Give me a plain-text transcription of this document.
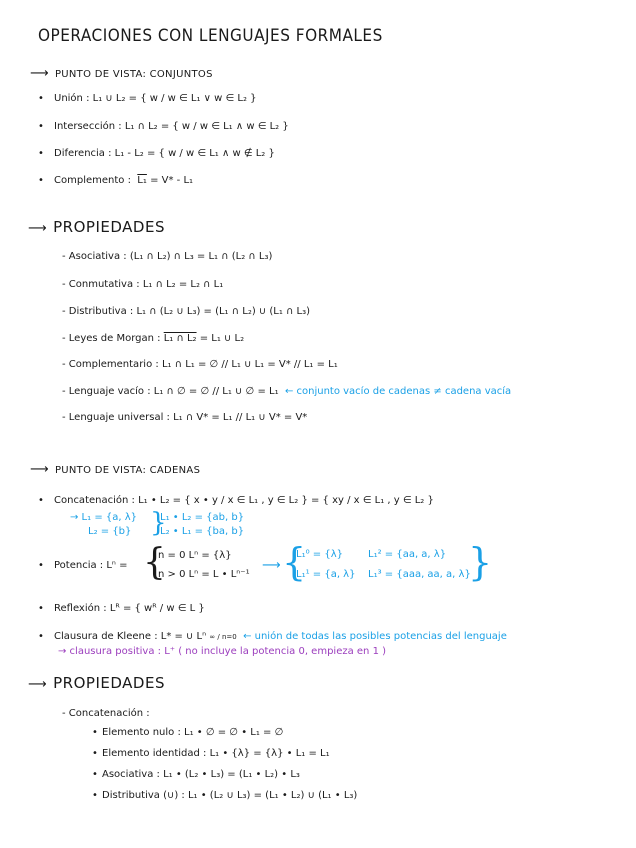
OPERACIONES CON LENGUAJES FORMALES
⟶ PUNTO DE VISTA: CONJUNTOS
• Unión : L₁ ∪ L₂ = { w / w ∈ L₁ ∨ w ∈ L₂ }
• Intersección : L₁ ∩ L₂ = { w / w ∈ L₁ ∧ w ∈ L₂ }
• Diferencia : L₁ - L₂ = { w / w ∈ L₁ ∧ w ∉ L₂ }
• Complemento :  L₁ = V* - L₁
⟶ PROPIEDADES
- Asociativa : (L₁ ∩ L₂) ∩ L₃ = L₁ ∩ (L₂ ∩ L₃)
- Conmutativa : L₁ ∩ L₂ = L₂ ∩ L₁
- Distributiva : L₁ ∩ (L₂ ∪ L₃) = (L₁ ∩ L₂) ∪ (L₁ ∩ L₃)
- Leyes de Morgan : L₁ ∩ L₂ = L₁ ∪ L₂
- Complementario : L₁ ∩ L₁ = ∅ // L₁ ∪ L₁ = V* // L₁ = L₁
- Lenguaje vacío : L₁ ∩ ∅ = ∅ // L₁ ∪ ∅ = L₁ ← conjunto vacío de cadenas ≠ cadena vacía
- Lenguaje universal : L₁ ∩ V* = L₁ // L₁ ∪ V* = V*
⟶ PUNTO DE VISTA: CADENAS
• Concatenación : L₁ • L₂ = { x • y / x ∈ L₁ , y ∈ L₂ } = { xy / x ∈ L₁ , y ∈ L₂ }
→ L₁ = {a, λ}
L₂ = {b} }
L₁ • L₂ = {ab, b}
L₂ • L₁ = {ba, b}
• Potencia : Lⁿ = {
n = 0 Lⁿ = {λ}
n > 0 Lⁿ = L • Lⁿ⁻¹
⟶ {
L₁⁰ = {λ}	L₁² = {aa, a, λ}
L₁¹ = {a, λ} L₁³ = {aaa, aa, a, λ}
}
• Reflexión : Lᴿ = { wᴿ / w ∈ L }
• Clausura de Kleene : L* = ∪ Lⁿ ∞ / n=0 ← unión de todas las posibles potencias del lenguaje
→ clausura positiva : L⁺ ( no incluye la potencia 0, empieza en 1 )
⟶ PROPIEDADES
- Concatenación :
• Elemento nulo : L₁ • ∅ = ∅ • L₁ = ∅
• Elemento identidad : L₁ • {λ} = {λ} • L₁ = L₁
• Asociativa : L₁ • (L₂ • L₃) = (L₁ • L₂) • L₃
• Distributiva (∪) : L₁ • (L₂ ∪ L₃) = (L₁ • L₂) ∪ (L₁ • L₃)
